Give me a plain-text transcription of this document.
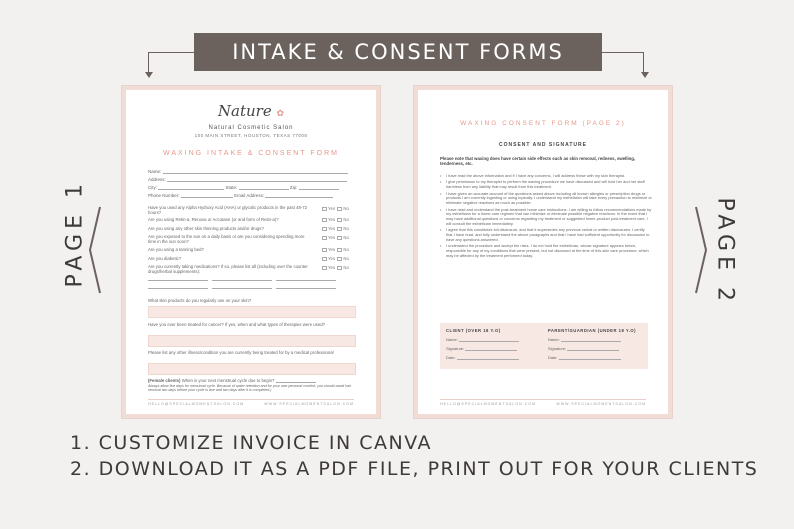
INTAKE & CONSENT FORMS
PAGE 1	PAGE 2
Nature ✿
Natural Cosmetic Salon
100 MAIN STREET, HOUSTON, TEXAS 77008
WAXING INTAKE & CONSENT FORM
Name:
Address:
City:	State:	Zip:
Phone Number:	Email Address:
Have you used any Alpha Hydroxy Acid (AHA) or glycolic products in the past 48-72 hours?
Yes No
Are you using Retin-a, Renova or Accutane (or and form of Retin-a)?	Yes No
Are you using any other skin thinning products and/or drugs?	Yes No
Are you exposed to the sun on a daily basis or are you considering spending more time in the sun soon?
Yes No
Are you using a tanning bed?	Yes No
Are you diabetic?	Yes No
Are you currently taking medications? If so, please list all (including over the counter drugs/herbal supplements):
Yes No

What skin products do you regularly use on your skin?
Have you ever been treated for cancer? If yes, when and what types of therapies were used?
Please list any other illness/condition you are currently being treated for by a medical professional
(Female clients) When is your next menstrual cycle due to begin?
Always allow five days for menstrual cycle. Because of water retention and for your own personal comfort, you should avoid hair removal two days before your cycle is due and two days after it is completed.)
HELLO@SPECIALMOMENTSALON.COM	WWW.SPECIALMOMENTSALON.COM
WAXING CONSENT FORM (PAGE 2)
CONSENT AND SIGNATURE
Please note that waxing does have certain side effects such as skin removal, redness, swelling, tenderness, etc.
• I have read the above information and if I have any concerns, I will address these with my skin therapist.
• I give permission to my therapist to perform the waxing procedure we have discussed and will hold her and her staff harmless from any liability that may result from this treatment.
• I have given an accurate account of the questions asked above including all known allergies or prescription drugs or products I am currently ingesting or using topically. I understand my esthetician will take every precaution to minimize or eliminate negative reactions as much as possible.
• I have read and understand the post-treatment home care instructions. I am willing to follow recommendations made by my esthetician for a home care regimen that can minimize or eliminate possible negative reactions. In the event that I may have additional questions or concerns regarding my treatment or suggested home-product post-treatment care, I will consult the esthetician immediately.
• I agree that this constitutes full disclosure, and that it supersedes any previous verbal or written disclosures. I certify that I have read, and fully understand the above paragraphs and that I have had sufficient opportunity for discussion to have any questions answered.
• I understand the procedure and accept the risks. I do not hold the esthetician, whose signature appears below, responsible for any of my conditions that were present, but not disclosed at the time of this skin care procedure, which may be affected by the treatment performed today.
CLIENT (OVER 18 Y.O)
Name:
Signature:
Date:
PARENT/GUARDIAN (UNDER 18 Y.O)
Name:
Signature:
Date:
HELLO@SPECIALMOMENTSALON.COM	WWW.SPECIALMOMENTSALON.COM
1. CUSTOMIZE INVOICE IN CANVA
2. DOWNLOAD IT AS A PDF FILE, PRINT OUT FOR YOUR CLIENTS
